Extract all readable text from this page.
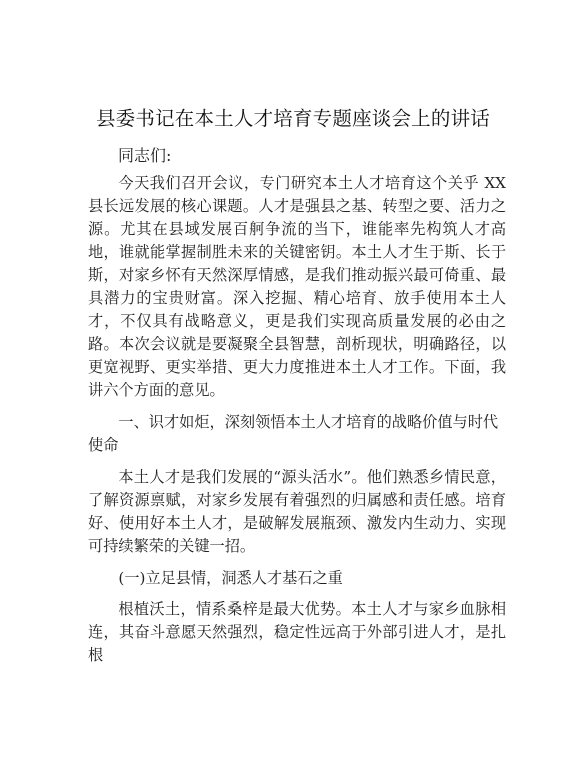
县委书记在本土人才培育专题座谈会上的讲话
同志们:

今天我们召开会议，专门研究本土人才培育这个关乎 XX 县长远发展的核心课题。人才是强县之基、转型之要、活力之源。尤其在县域发展百舸争流的当下，谁能率先构筑人才高地，谁就能掌握制胜未来的关键密钥。本土人才生于斯、长于斯，对家乡怀有天然深厚情感，是我们推动振兴最可倚重、最具潜力的宝贵财富。深入挖掘、精心培育、放手使用本土人才，不仅具有战略意义，更是我们实现高质量发展的必由之路。本次会议就是要凝聚全县智慧，剖析现状，明确路径，以更宽视野、更实举措、更大力度推进本土人才工作。下面，我讲六个方面的意见。

一、识才如炬，深刻领悟本土人才培育的战略价值与时代使命

本土人才是我们发展的“源头活水”。他们熟悉乡情民意，了解资源禀赋，对家乡发展有着强烈的归属感和责任感。培育好、使用好本土人才，是破解发展瓶颈、激发内生动力、实现可持续繁荣的关键一招。

(一)立足县情，洞悉人才基石之重

根植沃土，情系桑梓是最大优势。本土人才与家乡血脉相连，其奋斗意愿天然强烈，稳定性远高于外部引进人才，是扎根
